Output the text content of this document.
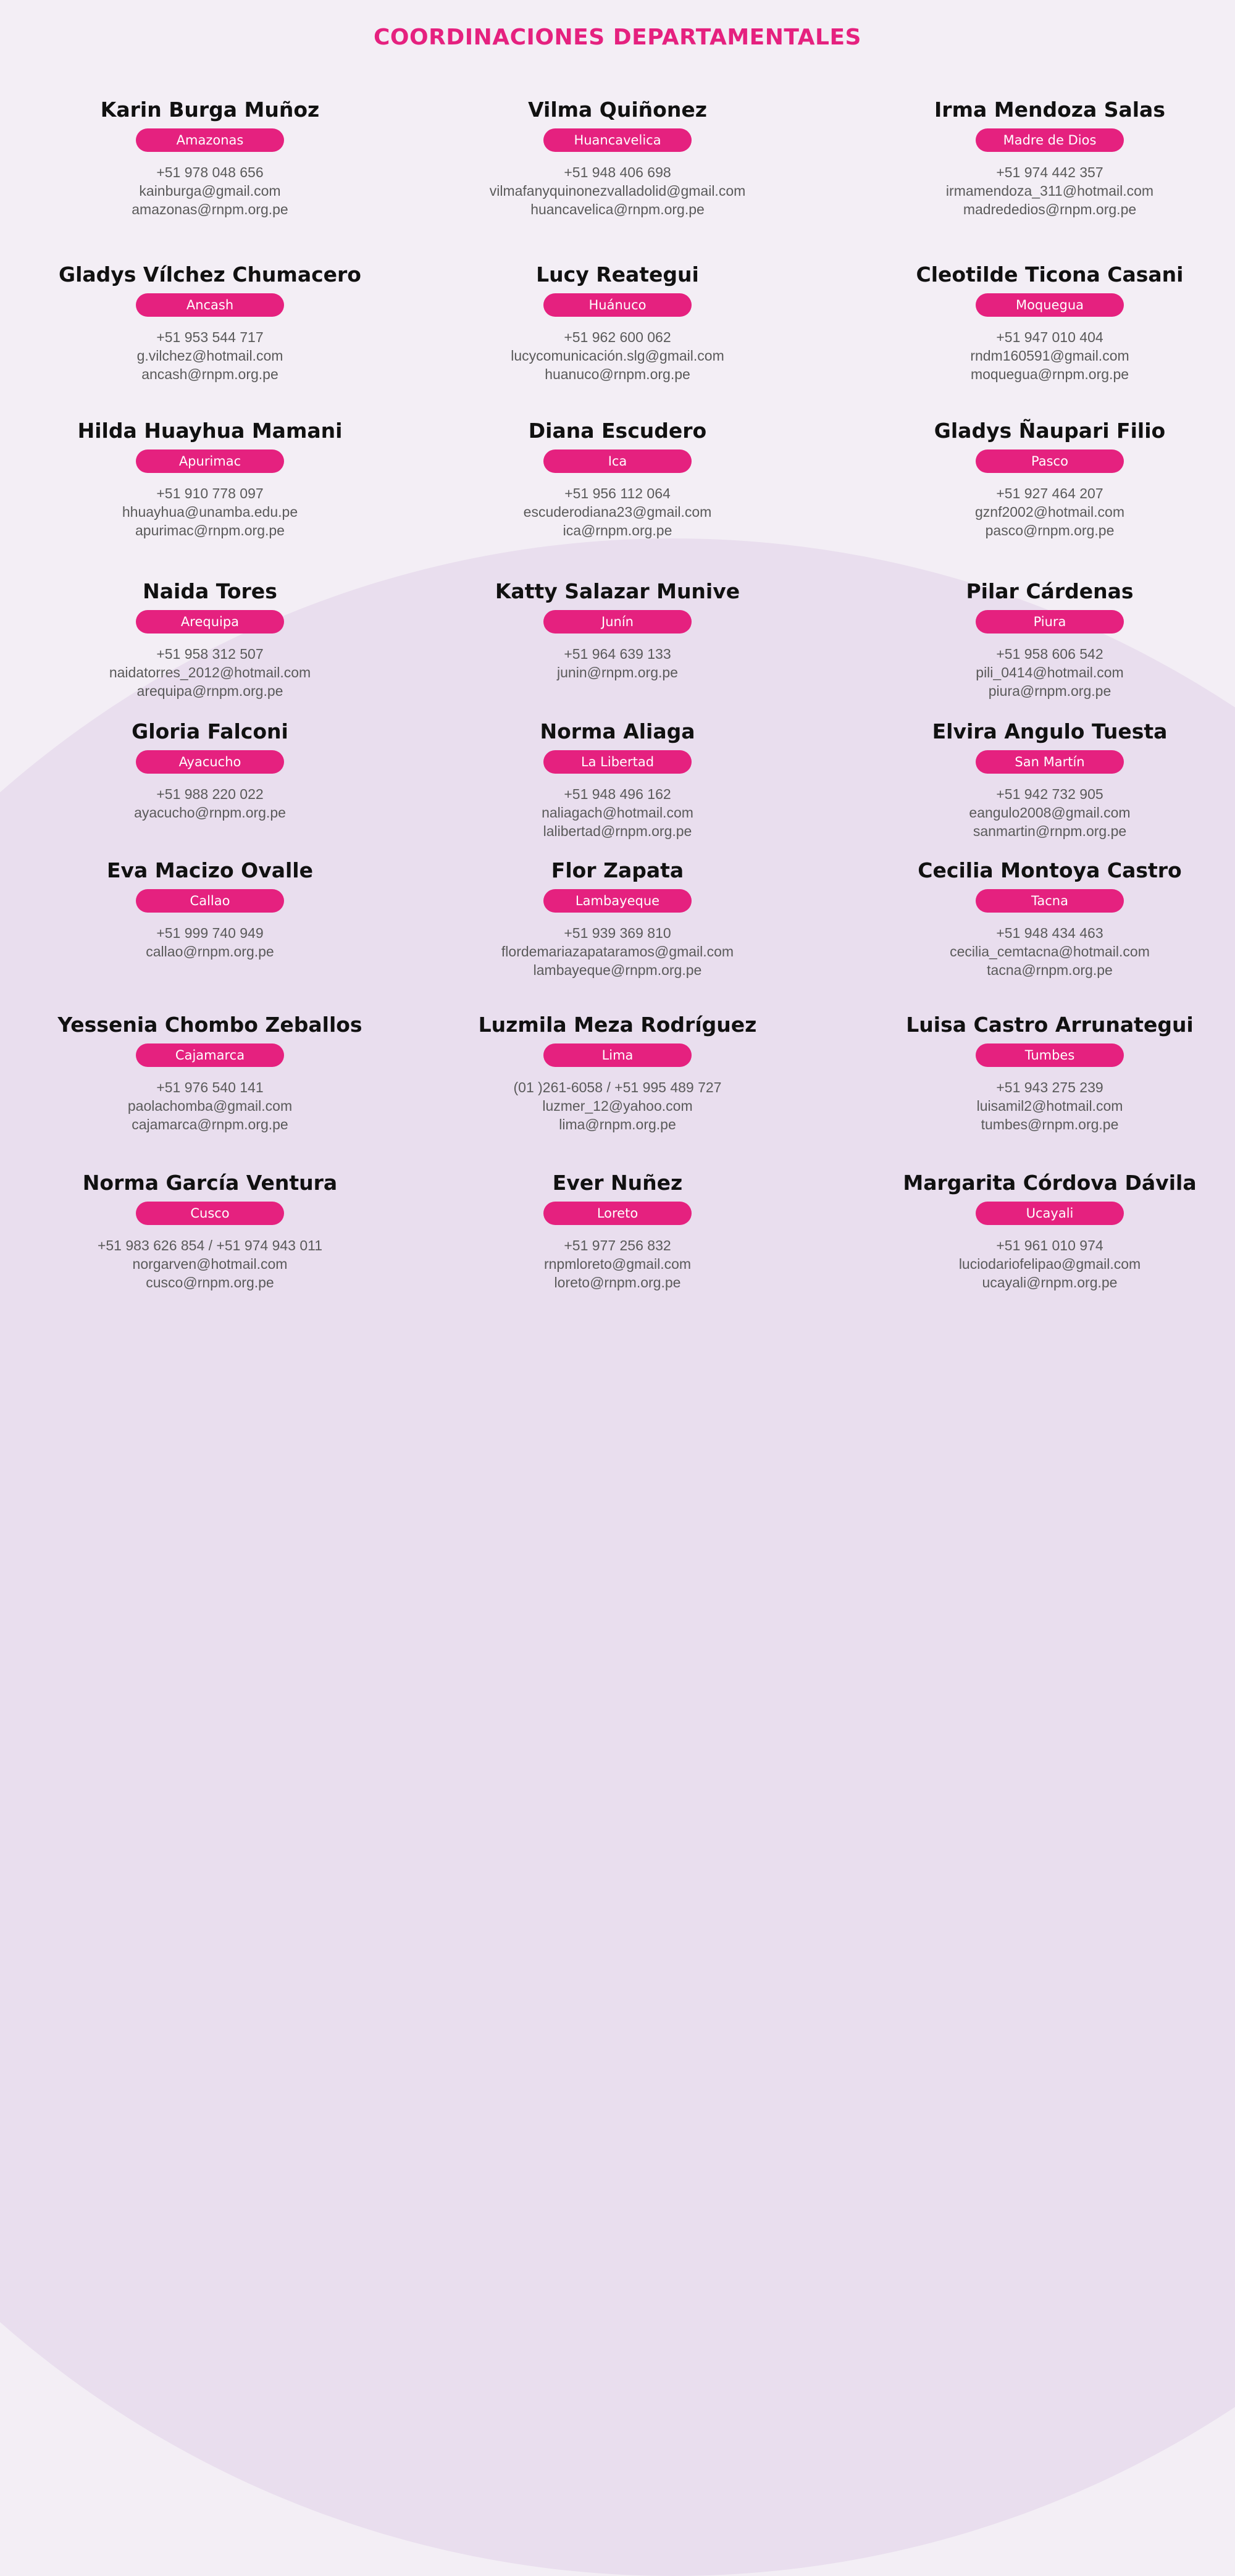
COORDINACIONES DEPARTAMENTALES
Karin Burga Muñoz
Amazonas
+51 978 048 656
kainburga@gmail.com
amazonas@rnpm.org.pe
Vilma Quiñonez
Huancavelica
+51 948 406 698
vilmafanyquinonezvalladolid@gmail.com
huancavelica@rnpm.org.pe
Irma Mendoza Salas
Madre de Dios
+51 974 442 357
irmamendoza_311@hotmail.com
madrededios@rnpm.org.pe
Gladys Vílchez Chumacero
Ancash
+51 953 544 717
g.vilchez@hotmail.com
ancash@rnpm.org.pe
Lucy Reategui
Huánuco
+51 962 600 062
lucycomunicación.slg@gmail.com
huanuco@rnpm.org.pe
Cleotilde Ticona Casani
Moquegua
+51 947 010 404
rndm160591@gmail.com
moquegua@rnpm.org.pe
Hilda Huayhua Mamani
Apurimac
+51 910 778 097
hhuayhua@unamba.edu.pe
apurimac@rnpm.org.pe
Diana Escudero
Ica
+51 956 112 064
escuderodiana23@gmail.com
ica@rnpm.org.pe
Gladys Ñaupari Filio
Pasco
+51 927 464 207
gznf2002@hotmail.com
pasco@rnpm.org.pe
Naida Tores
Arequipa
+51 958 312 507
naidatorres_2012@hotmail.com
arequipa@rnpm.org.pe
Katty Salazar Munive
Junín
+51 964 639 133
junin@rnpm.org.pe
Pilar Cárdenas
Piura
+51 958 606 542
pili_0414@hotmail.com
piura@rnpm.org.pe
Gloria Falconi
Ayacucho
+51 988 220 022
ayacucho@rnpm.org.pe
Norma Aliaga
La Libertad
+51 948 496 162
naliagach@hotmail.com
lalibertad@rnpm.org.pe
Elvira Angulo Tuesta
San Martín
+51 942 732 905
eangulo2008@gmail.com
sanmartin@rnpm.org.pe
Eva Macizo Ovalle
Callao
+51 999 740 949
callao@rnpm.org.pe
Flor Zapata
Lambayeque
+51 939 369 810
flordemariazapataramos@gmail.com
lambayeque@rnpm.org.pe
Cecilia Montoya Castro
Tacna
+51 948 434 463
cecilia_cemtacna@hotmail.com
tacna@rnpm.org.pe
Yessenia Chombo Zeballos
Cajamarca
+51 976 540 141
paolachomba@gmail.com
cajamarca@rnpm.org.pe
Luzmila Meza Rodríguez
Lima
(01 )261-6058 / +51 995 489 727
luzmer_12@yahoo.com
lima@rnpm.org.pe
Luisa Castro Arrunategui
Tumbes
+51 943 275 239
luisamil2@hotmail.com
tumbes@rnpm.org.pe
Norma García Ventura
Cusco
+51 983 626 854 / +51 974 943 011
norgarven@hotmail.com
cusco@rnpm.org.pe
Ever Nuñez
Loreto
+51 977 256 832
rnpmloreto@gmail.com
loreto@rnpm.org.pe
Margarita Córdova Dávila
Ucayali
+51 961 010 974
luciodariofelipao@gmail.com
ucayali@rnpm.org.pe
